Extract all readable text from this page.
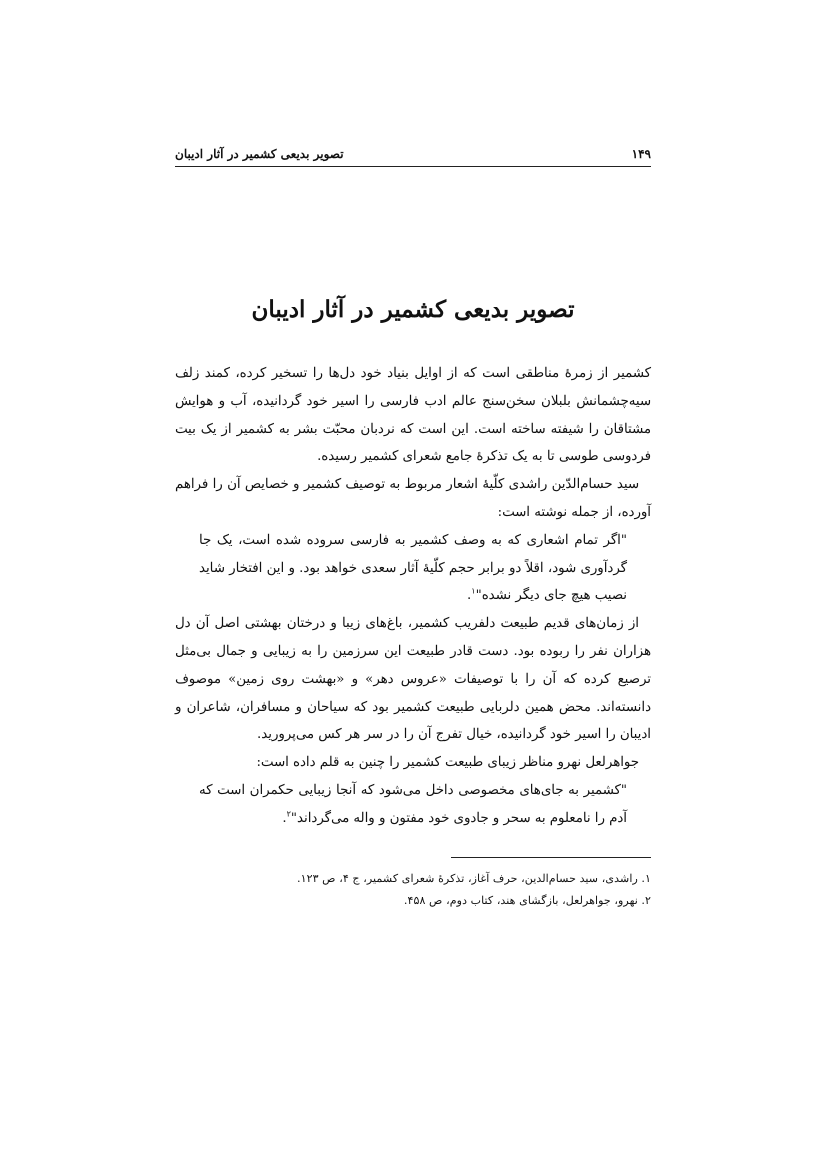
۱۴۹
تصویر بدیعی کشمیر در آثار ادیبان
تصویر بدیعی کشمیر در آثار ادیبان

کشمیر از زمرهٔ مناطقی است که از اوایل بنیاد خود دل‌ها را تسخیر کرده، کمند زلف سیه‌چشمانش بلبلان سخن‌سنج عالم ادب فارسی را اسیر خود گردانیده، آب و هوایش مشتاقان را شیفته ساخته است. این است که نردبان محبّت بشر به کشمیر از یک بیت فردوسی طوسی تا به یک تذکرهٔ جامع شعرای کشمیر رسیده.

سید حسام‌الدّین راشدی کلّیهٔ اشعار مربوط به توصیف کشمیر و خصایص آن را فراهم آورده، از جمله نوشته است:

"اگر تمام اشعاری که به وصف کشمیر به فارسی سروده شده است، یک جا گردآوری شود، اقلاً دو برابر حجم کلّیهٔ آثار سعدی خواهد بود. و این افتخار شاید نصیب هیچ جای دیگر نشده"$^۱$.

از زمان‌های قدیم طبیعت دلفریب کشمیر، باغ‌های زیبا و درختان بهشتی اصل آن دل هزاران نفر را ربوده بود. دست قادر طبیعت این سرزمین را به زیبایی و جمال بی‌مثل ترصیع کرده که آن را با توصیفات «عروس دهر» و «بهشت روی زمین» موصوف دانسته‌اند. محض همین دلربایی طبیعت کشمیر بود که سیاحان و مسافران، شاعران و ادیبان را اسیر خود گردانیده، خیال تفرج آن را در سر هر کس می‌پرورید.

جواهرلعل نهرو مناظر زیبای طبیعت کشمیر را چنین به قلم داده است:

"کشمیر به جای‌های مخصوصی داخل می‌شود که آنجا زیبایی حکمران است که آدم را نامعلوم به سحر و جادوی خود مفتون و واله می‌گرداند"$^۲$.

۱. راشدی، سید حسام‌الدین، حرف آغاز، تذکرهٔ شعرای کشمیر، ج ۴، ص ۱۲۳.

۲. نهرو، جواهرلعل، بازگشای هند، کتاب دوم، ص ۴۵۸.
